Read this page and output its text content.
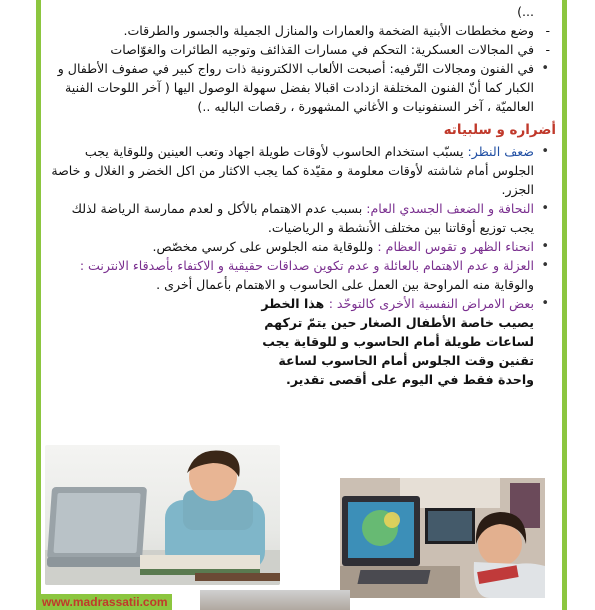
...)
- وضع مخططات الأبنية الضخمة والعمارات والمنازل الجميلة والجسور والطرقات.
- في المجالات العسكرية: التحكم في مسارات القذائف وتوجيه الطائرات والغوّاصات
• في الفنون ومجالات التّرفيه: أصبحت الألعاب الالكترونية ذات رواج كبير في صفوف الأطفال و الكبار كما أنّ الفنون المختلفة ازدادت اقبالا بفضل سهولة الوصول اليها ( آخر اللوحات الفنية العالميّة ، آخر السنفونيات و الأغاني المشهورة ، رقصات الباليه ..)
أضراره و سلبياته
• ضعف النظر: يسبّب استخدام الحاسوب لأوقات طويلة اجهاد وتعب العينين وللوقاية يجب الجلوس أمام شاشته لأوقات معلومة و مقيّدة كما يجب الاكثار من اكل الخضر و الغلال و خاصة الجزر.
• النحافة و الضعف الجسدي العام: بسبب عدم الاهتمام بالأكل و لعدم ممارسة الرياضة لذلك يجب توزيع أوقاتنا بين مختلف الأنشطة و الرياضيات.
• انحناء الظهر و تقوس العظام : وللوقاية منه الجلوس على كرسي مخصّص.
• العزلة و عدم الاهتمام بالعائلة و عدم تكوين صداقات حقيقية و الاكتفاء بأصدقاء الانترنت : والوقاية منه المراوحة بين العمل على الحاسوب و الاهتمام بأعمال أخرى .
• بعض الامراض النفسية الأخرى كالتوحّد : هذا الخطر يصيب خاصة الأطفال الصغار حين يتمّ تركهم لساعات طويلة أمام الحاسوب و للوقاية يجب تقنين وقت الجلوس أمام الحاسوب لساعة واحدة فقط في اليوم على أقصى تقدير.
www.madrassatii.com
